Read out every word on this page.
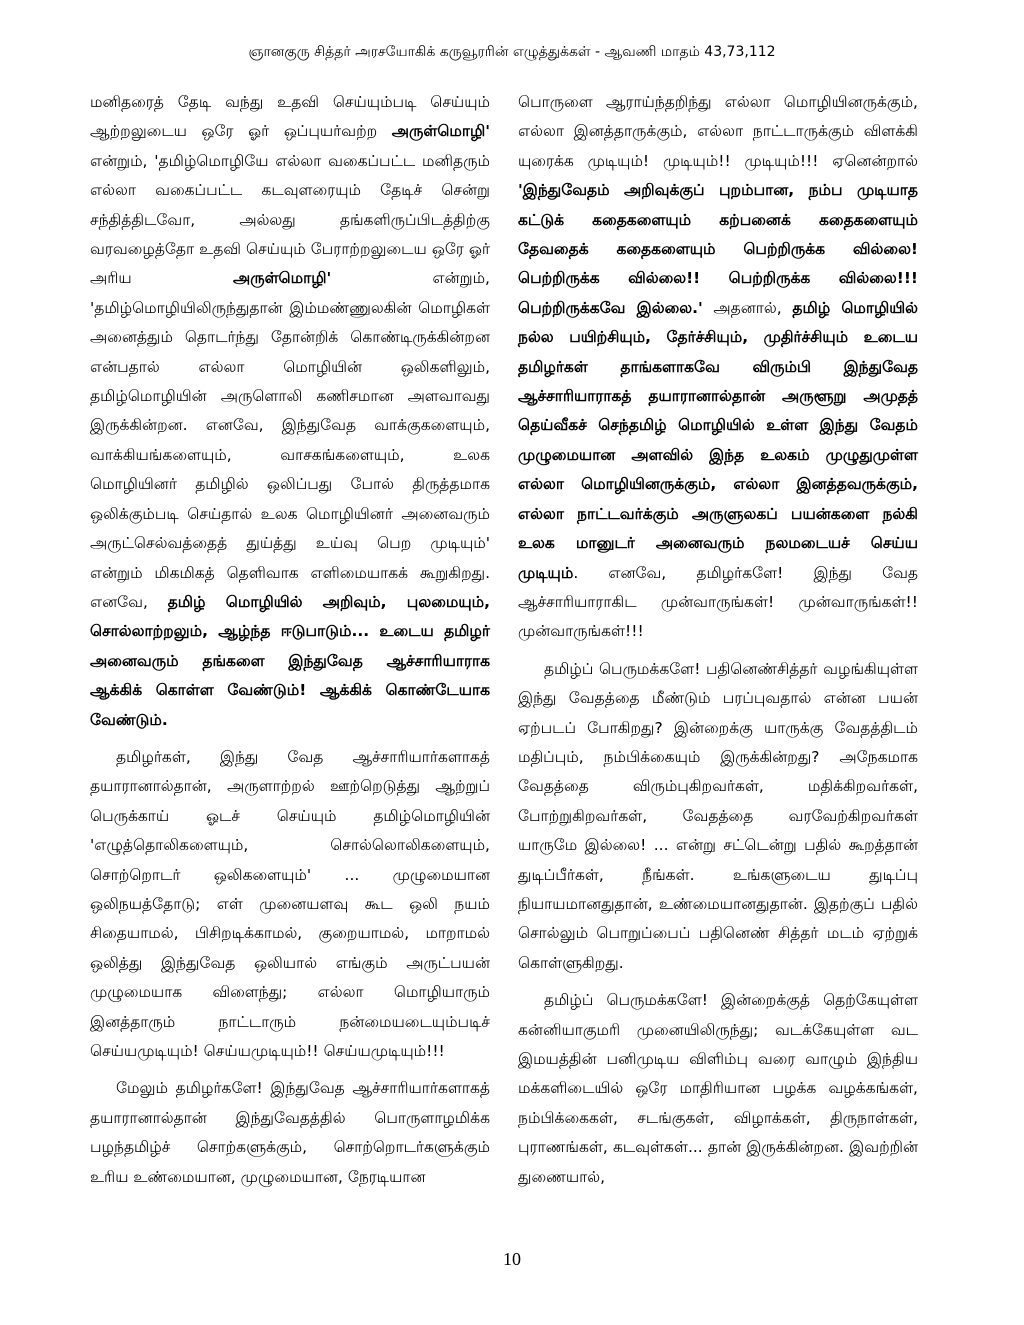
ஞானகுரு சித்தர் அரசயோகிக் கருவூரரின் எழுத்துக்கள் - ஆவணி மாதம் 43,73,112

மனிதரைத் தேடி வந்து உதவி செய்யும்படி செய்யும் ஆற்றலுடைய ஒரே ஓர் ஒப்புயர்வற்ற அருள்மொழி' என்றும், 'தமிழ்மொழியே எல்லா வகைப்பட்ட மனிதரும் எல்லா வகைப்பட்ட கடவுளரையும் தேடிச் சென்று சந்தித்திடவோ, அல்லது தங்களிருப்பிடத்திற்கு வரவழைத்தோ உதவி செய்யும் பேராற்றலுடைய ஒரே ஓர் அரிய அருள்மொழி' என்றும், 'தமிழ்மொழியிலிருந்துதான் இம்மண்ணுலகின் மொழிகள் அனைத்தும் தொடர்ந்து தோன்றிக் கொண்டிருக்கின்றன என்பதால் எல்லா மொழியின் ஒலிகளிலும், தமிழ்மொழியின் அருளொலி கணிசமான அளவாவது இருக்கின்றன. எனவே, இந்துவேத வாக்குகளையும், வாக்கியங்களையும், வாசகங்களையும், உலக மொழியினர் தமிழில் ஒலிப்பது போல் திருத்தமாக ஒலிக்கும்படி செய்தால் உலக மொழியினர் அனைவரும் அருட்செல்வத்தைத் துய்த்து உய்வு பெற முடியும்' என்றும் மிகமிகத் தெளிவாக எளிமையாகக் கூறுகிறது. எனவே, தமிழ் மொழியில் அறிவும், புலமையும், சொல்லாற்றலும், ஆழ்ந்த ஈடுபாடும்... உடைய தமிழர் அனைவரும் தங்களை இந்துவேத ஆச்சாரியாராக ஆக்கிக் கொள்ள வேண்டும்! ஆக்கிக் கொண்டேயாக வேண்டும்.

தமிழர்கள், இந்து வேத ஆச்சாரியார்களாகத் தயாரானால்தான், அருளாற்றல் ஊற்றெடுத்து ஆற்றுப் பெருக்காய் ஓடச் செய்யும் தமிழ்மொழியின் 'எழுத்தொலிகளையும், சொல்லொலிகளையும், சொற்றொடர் ஒலிகளையும்' ... முழுமையான ஒலிநயத்தோடு; எள் முனையளவு கூட ஒலி நயம் சிதையாமல், பிசிறடிக்காமல், குறையாமல், மாறாமல் ஒலித்து இந்துவேத ஒலியால் எங்கும் அருட்பயன் முழுமையாக விளைந்து; எல்லா மொழியாரும் இனத்தாரும் நாட்டாரும் நன்மையடையும்படிச் செய்யமுடியும்! செய்யமுடியும்!! செய்யமுடியும்!!!

மேலும் தமிழர்களே! இந்துவேத ஆச்சாரியார்களாகத் தயாரானால்தான் இந்துவேதத்தில் பொருளாழமிக்க பழந்தமிழ்ச் சொற்களுக்கும், சொற்றொடர்களுக்கும் உரிய உண்மையான, முழுமையான, நேரடியான

பொருளை ஆராய்ந்தறிந்து எல்லா மொழியினருக்கும், எல்லா இனத்தாருக்கும், எல்லா நாட்டாருக்கும் விளக்கி யுரைக்க முடியும்! முடியும்!! முடியும்!!! ஏனென்றால் 'இந்துவேதம் அறிவுக்குப் புறம்பான, நம்ப முடியாத கட்டுக் கதைகளையும் கற்பனைக் கதைகளையும் தேவதைக் கதைகளையும் பெற்றிருக்க வில்லை! பெற்றிருக்க வில்லை!! பெற்றிருக்க வில்லை!!! பெற்றிருக்கவே இல்லை.' அதனால், தமிழ் மொழியில் நல்ல பயிற்சியும், தேர்ச்சியும், முதிர்ச்சியும் உடைய தமிழர்கள் தாங்களாகவே விரும்பி இந்துவேத ஆச்சாரியாராகத் தயாரானால்தான் அருளூறு அமுதத் தெய்வீகச் செந்தமிழ் மொழியில் உள்ள இந்து வேதம் முழுமையான அளவில் இந்த உலகம் முழுதுமுள்ள எல்லா மொழியினருக்கும், எல்லா இனத்தவருக்கும், எல்லா நாட்டவர்க்கும் அருளுலகப் பயன்களை நல்கி உலக மானுடர் அனைவரும் நலமடையச் செய்ய முடியும். எனவே, தமிழர்களே! இந்து வேத ஆச்சாரியாராகிட முன்வாருங்கள்! முன்வாருங்கள்!! முன்வாருங்கள்!!!

தமிழ்ப் பெருமக்களே! பதினெண்சித்தர் வழங்கியுள்ள இந்து வேதத்தை மீண்டும் பரப்புவதால் என்ன பயன் ஏற்படப் போகிறது? இன்றைக்கு யாருக்கு வேதத்திடம் மதிப்பும், நம்பிக்கையும் இருக்கின்றது? அநேகமாக வேதத்தை விரும்புகிறவர்கள், மதிக்கிறவர்கள், போற்றுகிறவர்கள், வேதத்தை வரவேற்கிறவர்கள் யாருமே இல்லை! ... என்று சட்டென்று பதில் கூறத்தான் துடிப்பீர்கள், நீங்கள். உங்களுடைய துடிப்பு நியாயமானதுதான், உண்மையானதுதான். இதற்குப் பதில் சொல்லும் பொறுப்பைப் பதினெண் சித்தர் மடம் ஏற்றுக் கொள்ளுகிறது.

தமிழ்ப் பெருமக்களே! இன்றைக்குத் தெற்கேயுள்ள கன்னியாகுமரி முனையிலிருந்து; வடக்கேயுள்ள வட இமயத்தின் பனிமுடிய விளிம்பு வரை வாழும் இந்திய மக்களிடையில் ஒரே மாதிரியான பழக்க வழக்கங்கள், நம்பிக்கைகள், சடங்குகள், விழாக்கள், திருநாள்கள், புராணங்கள், கடவுள்கள்... தான் இருக்கின்றன. இவற்றின் துணையால்,

10
